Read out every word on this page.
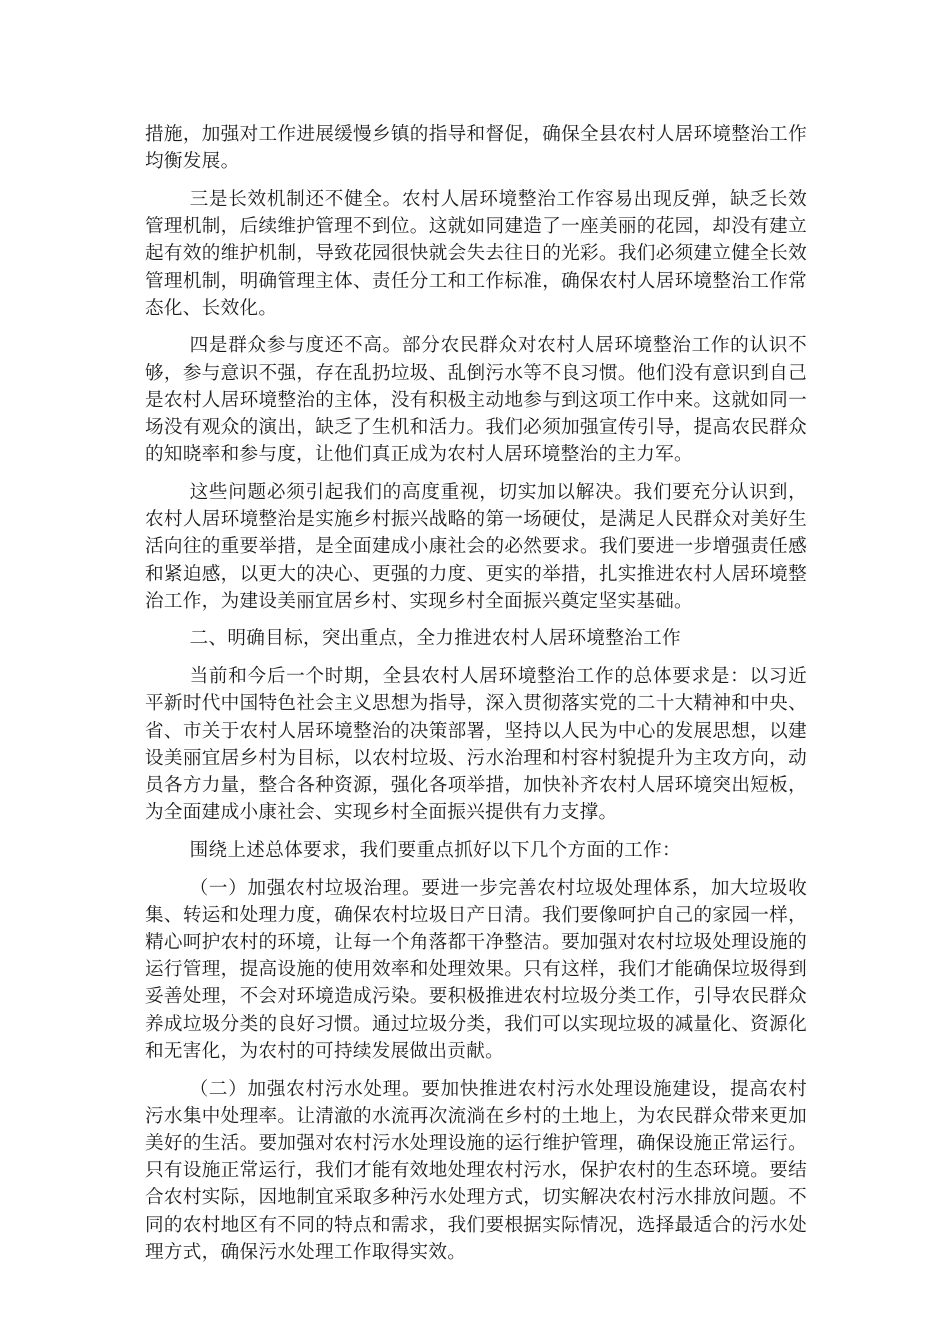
措施，加强对工作进展缓慢乡镇的指导和督促，确保全县农村人居环境整治工作均衡发展。

三是长效机制还不健全。农村人居环境整治工作容易出现反弹，缺乏长效管理机制，后续维护管理不到位。这就如同建造了一座美丽的花园，却没有建立起有效的维护机制，导致花园很快就会失去往日的光彩。我们必须建立健全长效管理机制，明确管理主体、责任分工和工作标准，确保农村人居环境整治工作常态化、长效化。

四是群众参与度还不高。部分农民群众对农村人居环境整治工作的认识不够，参与意识不强，存在乱扔垃圾、乱倒污水等不良习惯。他们没有意识到自己是农村人居环境整治的主体，没有积极主动地参与到这项工作中来。这就如同一场没有观众的演出，缺乏了生机和活力。我们必须加强宣传引导，提高农民群众的知晓率和参与度，让他们真正成为农村人居环境整治的主力军。

这些问题必须引起我们的高度重视，切实加以解决。我们要充分认识到，农村人居环境整治是实施乡村振兴战略的第一场硬仗，是满足人民群众对美好生活向往的重要举措，是全面建成小康社会的必然要求。我们要进一步增强责任感和紧迫感，以更大的决心、更强的力度、更实的举措，扎实推进农村人居环境整治工作，为建设美丽宜居乡村、实现乡村全面振兴奠定坚实基础。

二、明确目标，突出重点，全力推进农村人居环境整治工作

当前和今后一个时期，全县农村人居环境整治工作的总体要求是：以习近平新时代中国特色社会主义思想为指导，深入贯彻落实党的二十大精神和中央、省、市关于农村人居环境整治的决策部署，坚持以人民为中心的发展思想，以建设美丽宜居乡村为目标，以农村垃圾、污水治理和村容村貌提升为主攻方向，动员各方力量，整合各种资源，强化各项举措，加快补齐农村人居环境突出短板，为全面建成小康社会、实现乡村全面振兴提供有力支撑。

围绕上述总体要求，我们要重点抓好以下几个方面的工作：

（一）加强农村垃圾治理。要进一步完善农村垃圾处理体系，加大垃圾收集、转运和处理力度，确保农村垃圾日产日清。我们要像呵护自己的家园一样，精心呵护农村的环境，让每一个角落都干净整洁。要加强对农村垃圾处理设施的运行管理，提高设施的使用效率和处理效果。只有这样，我们才能确保垃圾得到妥善处理，不会对环境造成污染。要积极推进农村垃圾分类工作，引导农民群众养成垃圾分类的良好习惯。通过垃圾分类，我们可以实现垃圾的减量化、资源化和无害化，为农村的可持续发展做出贡献。

（二）加强农村污水处理。要加快推进农村污水处理设施建设，提高农村污水集中处理率。让清澈的水流再次流淌在乡村的土地上，为农民群众带来更加美好的生活。要加强对农村污水处理设施的运行维护管理，确保设施正常运行。只有设施正常运行，我们才能有效地处理农村污水，保护农村的生态环境。要结合农村实际，因地制宜采取多种污水处理方式，切实解决农村污水排放问题。不同的农村地区有不同的特点和需求，我们要根据实际情况，选择最适合的污水处理方式，确保污水处理工作取得实效。
